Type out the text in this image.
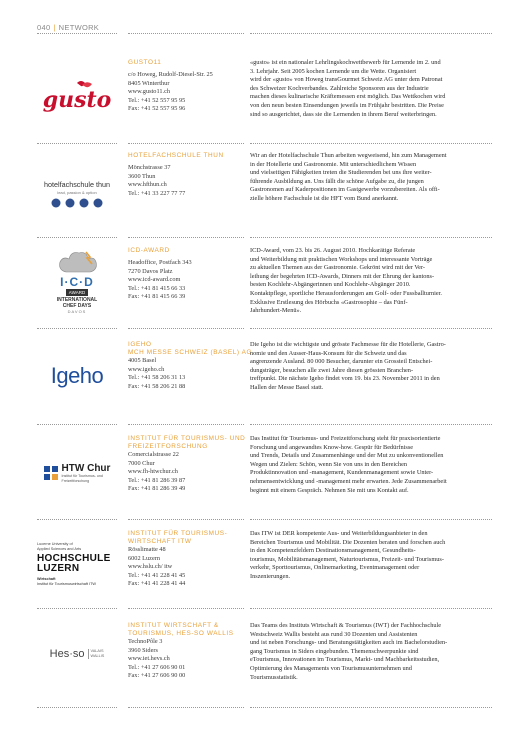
040 | NETWORK
gusto
GUSTO11
c/o Howeg, Rudolf-Diesel-Str. 25
8405 Winterthur
www.gusto11.ch
Tel.: +41 52 557 95 95
Fax: +41 52 557 95 96
«gusto» ist ein nationaler Lehrlingskochwettbewerb für Lernende im 2. und
3. Lehrjahr. Seit 2005 kochen Lernende um die Wette. Organisiert
wird der «gusto» von Howeg transGourmet Schweiz AG unter dem Patronat
des Schweizer Kochverbandes. Zahlreiche Sponsoren aus der Industrie
machen dieses kulinarische Kräftemessen erst möglich. Das Wettkochen wird
von den neun besten Einsendungen jeweils im Frühjahr bestritten. Die Preise
sind so ausgerichtet, dass sie die Lernenden in ihrem Beruf weiterbringen.
hotelfachschule thun
lead, passion & option
HOTELFACHSCHULE THUN
Mönchstrasse 37
3600 Thun
www.hfthun.ch
Tel.: +41 33 227 77 77
Wir an der Hotelfachschule Thun arbeiten wegweisend, hin zum Management
in der Hotellerie und Gastronomie. Mit unterschiedlichem Wissen
und vielseitigen Fähigkeiten treten die Studierenden bei uns ihre weiter-
führende Ausbildung an. Uns fällt die schöne Aufgabe zu, die jungen
Gastronomen auf Kaderpositionen im Gastgewerbe vorzubereiten. Als offi-
zielle höhere Fachschule ist die HFT vom Bund anerkannt.
I·C·D
AWARD
INTERNATIONAL
CHEF DAYS
DAVOS
ICD-AWARD
Headoffice, Postfach 343
7270 Davos Platz
www.icd-award.com
Tel.: +41 81 415 66 33
Fax: +41 81 415 66 39
ICD-Award, vom 23. bis 26. August 2010. Hochkarätige Referate
und Weiterbildung mit praktischen Workshops und interessante Vorträge
zu aktuellen Themen aus der Gastronomie. Gekrönt wird mit der Ver-
leihung der begehrten ICD-Awards, Dinners mit der Ehrung der kantons-
besten Kochlehr-Abgängerinnen und Kochlehr-Abgänger 2010.
Kontaktpflege, sportliche Herausforderungen am Golf- oder Fussballturnier.
Exklusive Erstlesung des Hörbuchs «Gastrosophie – das Fünf-
Jahrhundert-Menü».
Igeho
IGEHO
MCH MESSE SCHWEIZ (BASEL) AG
4005 Basel
www.igeho.ch
Tel.: +41 58 206 31 13
Fax: +41 58 206 21 88
Die Igeho ist die wichtigste und grösste Fachmesse für die Hotellerie, Gastro-
nomie und den Ausser-Haus-Konsum für die Schweiz und das
angrenzende Ausland. 80 000 Besucher, darunter ein Grossteil Entschei-
dungsträger, besuchen alle zwei Jahre diesen grössten Branchen-
treffpunkt. Die nächste Igeho findet vom 19. bis 23. November 2011 in den
Hallen der Messe Basel statt.
HTW Chur
Institut für Tourismus- und Freizeitforschung
INSTITUT FÜR TOURISMUS- UND
FREIZEITFORSCHUNG
Comercialstrasse 22
7000 Chur
www.fh-htwchur.ch
Tel.: +41 81 286 39 87
Fax: +41 81 286 39 49
Das Institut für Tourismus- und Freizeitforschung steht für praxisorientierte
Forschung und angewandtes Know-how. Gespür für Bedürfnisse
und Trends, Details und Zusammenhänge und der Mut zu unkonventionellen
Wegen und Zielen: Schön, wenn Sie von uns in den Bereichen
Produktinnovation und -management, Kundenmanagement sowie Unter-
nehmensentwicklung und -management mehr erwarten. Jede Zusammenarbeit
beginnt mit einem Gespräch. Nehmen Sie mit uns Kontakt auf.
Lucerne University of
Applied Sciences and Arts
HOCHSCHULE
LUZERN
Wirtschaft
Institut für Tourismuswirtschaft ITW
INSTITUT FÜR TOURISMUS-
WIRTSCHAFT ITW
Rösslimatte 48
6002 Luzern
www.hslu.ch/ itw
Tel.: +41 41 228 41 45
Fax: +41 41 228 41 44
Das ITW ist DER kompetente Aus- und Weiterbildungsanbieter in den
Bereichen Tourismus und Mobilität. Die Dozenten beraten und forschen auch
in den Kompetenzfeldern Destinationsmanagement, Gesundheits-
tourismus, Mobilitätsmanagement, Naturtourismus, Freizeit- und Tourismus-
verkehr, Sporttourismus, Onlinemarketing, Eventmanagement oder
Inszenierungen.
Hes·so VALAIS
WALLIS
INSTITUT WIRTSCHAFT &
TOURISMUS, HES-SO WALLIS
TechnoPôle 3
3960 Siders
www.iet.hevs.ch
Tel.: +41 27 606 90 01
Fax: +41 27 606 90 00
Das Teams des Instituts Wirtschaft & Tourismus (IWT) der Fachhochschule
Westschweiz Wallis besteht aus rund 30 Dozenten und Assistenten
und ist neben Forschungs- und Beratungstätigkeiten auch im Bachelorstudien-
gang Tourismus in Siders eingebunden. Themenschwerpunkte sind
eTourismus, Innovationen im Tourismus, Markt- und Machbarkeitsstudien,
Optimierung des Managements von Tourismusunternehmen und
Tourismusstatistik.
